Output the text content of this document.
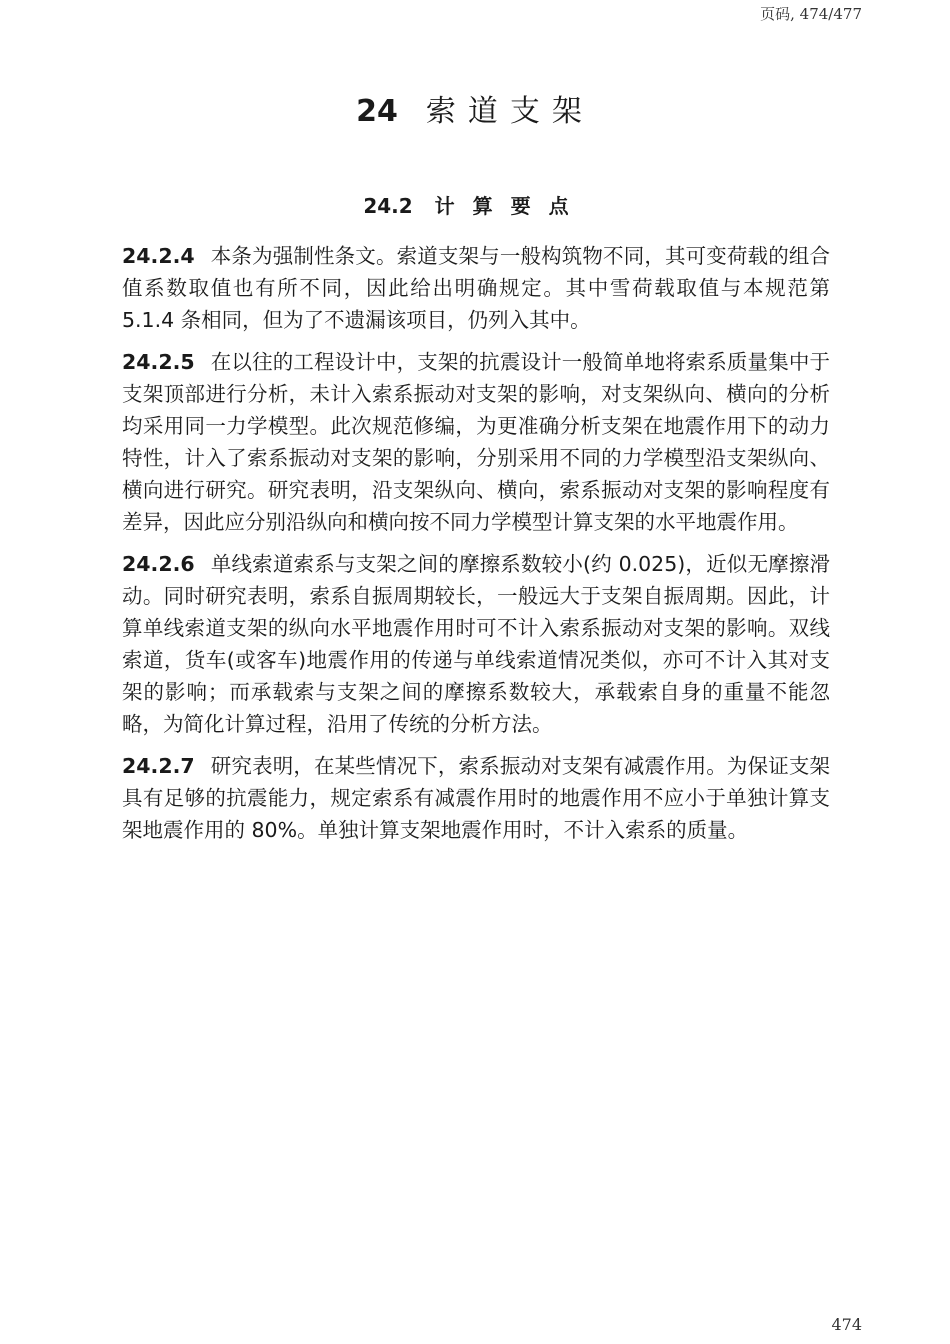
页码, 474/477
24 索道支架
24.2 计算要点

24.2.4 本条为强制性条文。索道支架与一般构筑物不同，其可变荷载的组合值系数取值也有所不同，因此给出明确规定。其中雪荷载取值与本规范第 5.1.4 条相同，但为了不遗漏该项目，仍列入其中。

24.2.5 在以往的工程设计中，支架的抗震设计一般简单地将索系质量集中于支架顶部进行分析，未计入索系振动对支架的影响，对支架纵向、横向的分析均采用同一力学模型。此次规范修编，为更准确分析支架在地震作用下的动力特性，计入了索系振动对支架的影响，分别采用不同的力学模型沿支架纵向、横向进行研究。研究表明，沿支架纵向、横向，索系振动对支架的影响程度有差异，因此应分别沿纵向和横向按不同力学模型计算支架的水平地震作用。

24.2.6 单线索道索系与支架之间的摩擦系数较小(约 0.025)，近似无摩擦滑动。同时研究表明，索系自振周期较长，一般远大于支架自振周期。因此，计算单线索道支架的纵向水平地震作用时可不计入索系振动对支架的影响。双线索道，货车(或客车)地震作用的传递与单线索道情况类似，亦可不计入其对支架的影响；而承载索与支架之间的摩擦系数较大，承载索自身的重量不能忽略，为简化计算过程，沿用了传统的分析方法。

24.2.7 研究表明，在某些情况下，索系振动对支架有减震作用。为保证支架具有足够的抗震能力，规定索系有减震作用时的地震作用不应小于单独计算支架地震作用的 80%。单独计算支架地震作用时，不计入索系的质量。

474
